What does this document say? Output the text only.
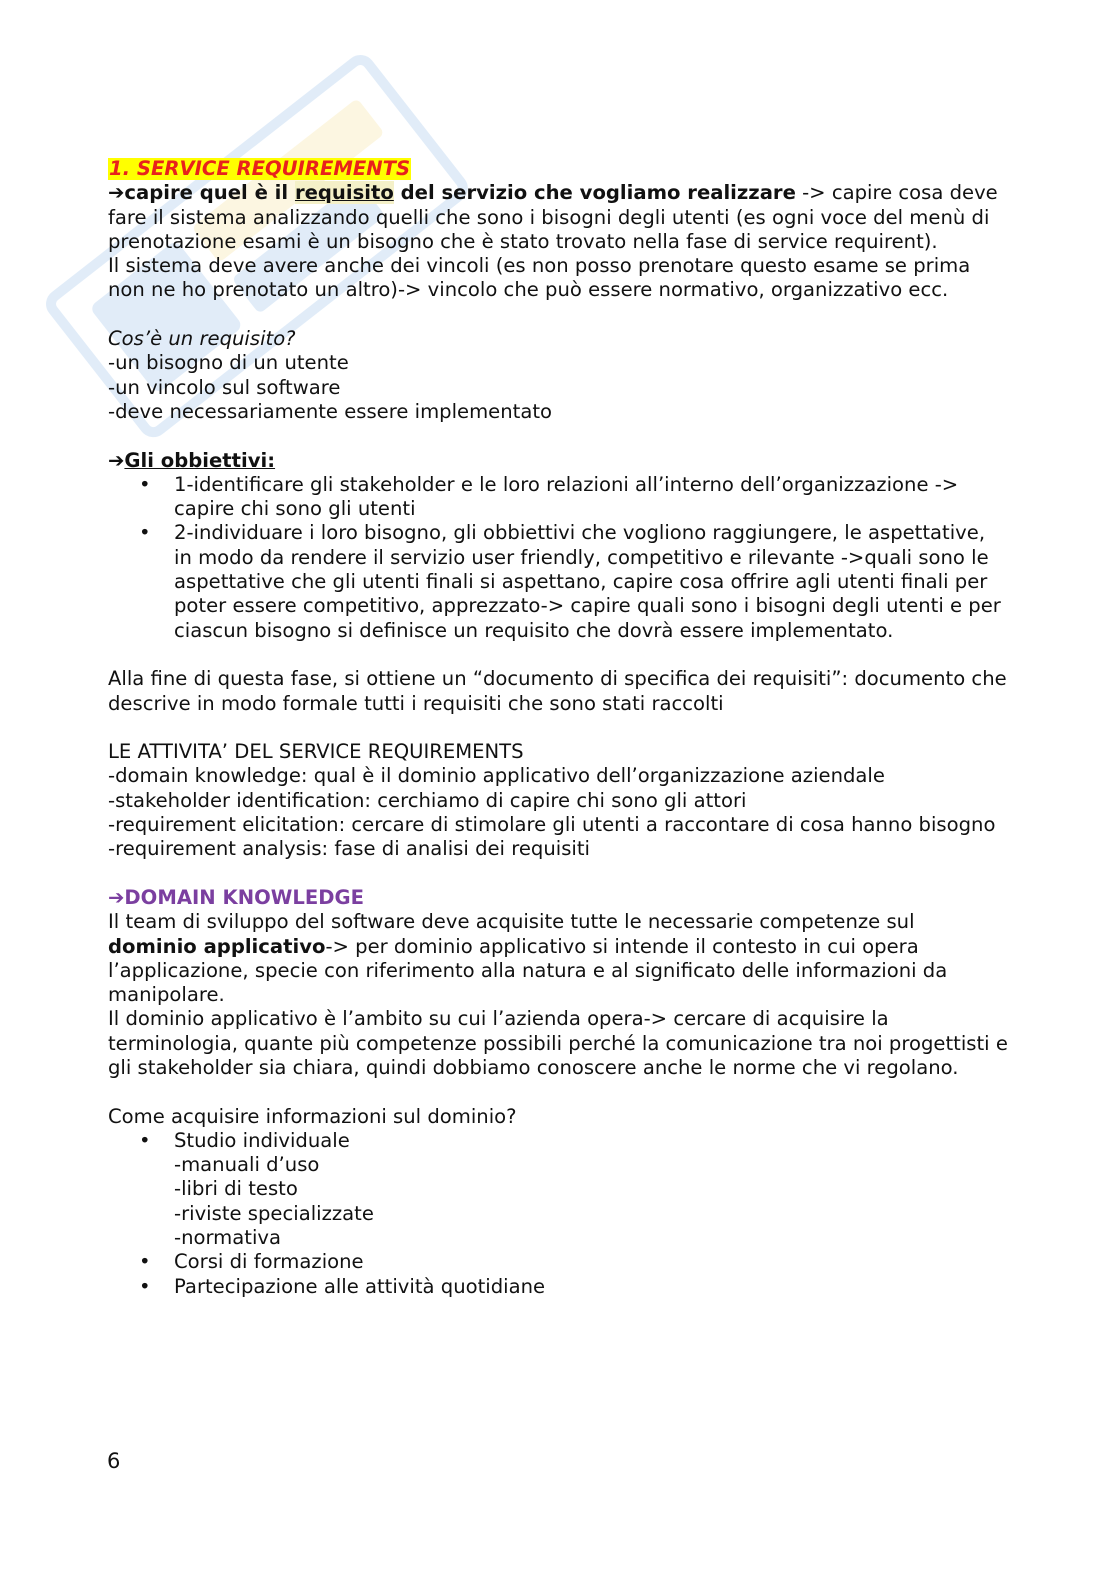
1. SERVICE REQUIREMENTS

➔capire quel è il requisito del servizio che vogliamo realizzare -> capire cosa deve fare il sistema analizzando quelli che sono i bisogni degli utenti (es ogni voce del menù di prenotazione esami è un bisogno che è stato trovato nella fase di service requirent).

Il sistema deve avere anche dei vincoli (es non posso prenotare questo esame se prima non ne ho prenotato un altro)-> vincolo che può essere normativo, organizzativo ecc.

Cos’è un requisito?

-un bisogno di un utente

-un vincolo sul software

-deve necessariamente essere implementato

➔Gli obbiettivi:

• 1-identificare gli stakeholder e le loro relazioni all’interno dell’organizzazione -> capire chi sono gli utenti
• 2-individuare i loro bisogno, gli obbiettivi che vogliono raggiungere, le aspettative, in modo da rendere il servizio user friendly, competitivo e rilevante ->quali sono le aspettative che gli utenti finali si aspettano, capire cosa offrire agli utenti finali per poter essere competitivo, apprezzato-> capire quali sono i bisogni degli utenti e per ciascun bisogno si definisce un requisito che dovrà essere implementato.

Alla fine di questa fase, si ottiene un “documento di specifica dei requisiti”: documento che descrive in modo formale tutti i requisiti che sono stati raccolti

LE ATTIVITA’ DEL SERVICE REQUIREMENTS

-domain knowledge: qual è il dominio applicativo dell’organizzazione aziendale

-stakeholder identification: cerchiamo di capire chi sono gli attori

-requirement elicitation: cercare di stimolare gli utenti a raccontare di cosa hanno bisogno

-requirement analysis: fase di analisi dei requisiti

➔DOMAIN KNOWLEDGE

Il team di sviluppo del software deve acquisite tutte le necessarie competenze sul dominio applicativo-> per dominio applicativo si intende il contesto in cui opera l’applicazione, specie con riferimento alla natura e al significato delle informazioni da manipolare.

Il dominio applicativo è l’ambito su cui l’azienda opera-> cercare di acquisire la terminologia, quante più competenze possibili perché la comunicazione tra noi progettisti e gli stakeholder sia chiara, quindi dobbiamo conoscere anche le norme che vi regolano.

Come acquisire informazioni sul dominio?

• Studio individuale

-manuali d’uso

-libri di testo

-riviste specializzate

-normativa

• Corsi di formazione
• Partecipazione alle attività quotidiane
6
